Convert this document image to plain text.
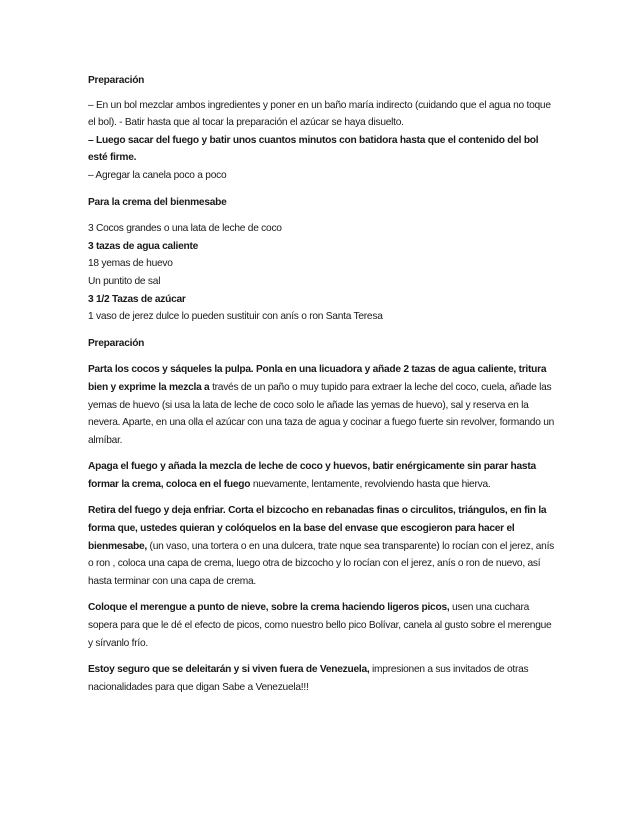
Preparación

– En un bol mezclar ambos ingredientes y poner en un baño maría indirecto (cuidando que el agua no toque el bol). - Batir hasta que al tocar la preparación el azúcar se haya disuelto.

– Luego sacar del fuego y batir unos cuantos minutos con batidora hasta que el contenido del bol esté firme.

– Agregar la canela poco a poco

Para la crema del bienmesabe

3 Cocos grandes o una lata de leche de coco

3 tazas de agua caliente

18 yemas de huevo

Un puntito de sal

3 1/2 Tazas de azúcar

1 vaso de jerez dulce lo pueden sustituir con anís o ron Santa Teresa

Preparación

Parta los cocos y sáqueles la pulpa. Ponla en una licuadora y añade 2 tazas de agua caliente, tritura bien y exprime la mezcla a través de un paño o muy tupido para extraer la leche del coco, cuela, añade las yemas de huevo (si usa la lata de leche de coco solo le añade las yemas de huevo), sal y reserva en la nevera. Aparte, en una olla el azúcar con una taza de agua y cocinar a fuego fuerte sin revolver, formando un almíbar.

Apaga el fuego y añada la mezcla de leche de coco y huevos, batir enérgicamente sin parar hasta formar la crema, coloca en el fuego nuevamente, lentamente, revolviendo hasta que hierva.

Retira del fuego y deja enfriar. Corta el bizcocho en rebanadas finas o circulitos, triángulos, en fin la forma que, ustedes quieran y colóquelos en la base del envase que escogieron para hacer el bienmesabe, (un vaso, una tortera o en una dulcera, trate nque sea transparente) lo rocían con el jerez, anís o ron , coloca una capa de crema, luego otra de bizcocho y lo rocían con el jerez, anís o ron de nuevo, así hasta terminar con una capa de crema.

Coloque el merengue a punto de nieve, sobre la crema haciendo ligeros picos, usen una cuchara sopera para que le dé el efecto de picos, como nuestro bello pico Bolívar, canela al gusto sobre el merengue y sírvanlo frío.

Estoy seguro que se deleitarán y si viven fuera de Venezuela, impresionen a sus invitados de otras nacionalidades para que digan Sabe a Venezuela!!!
